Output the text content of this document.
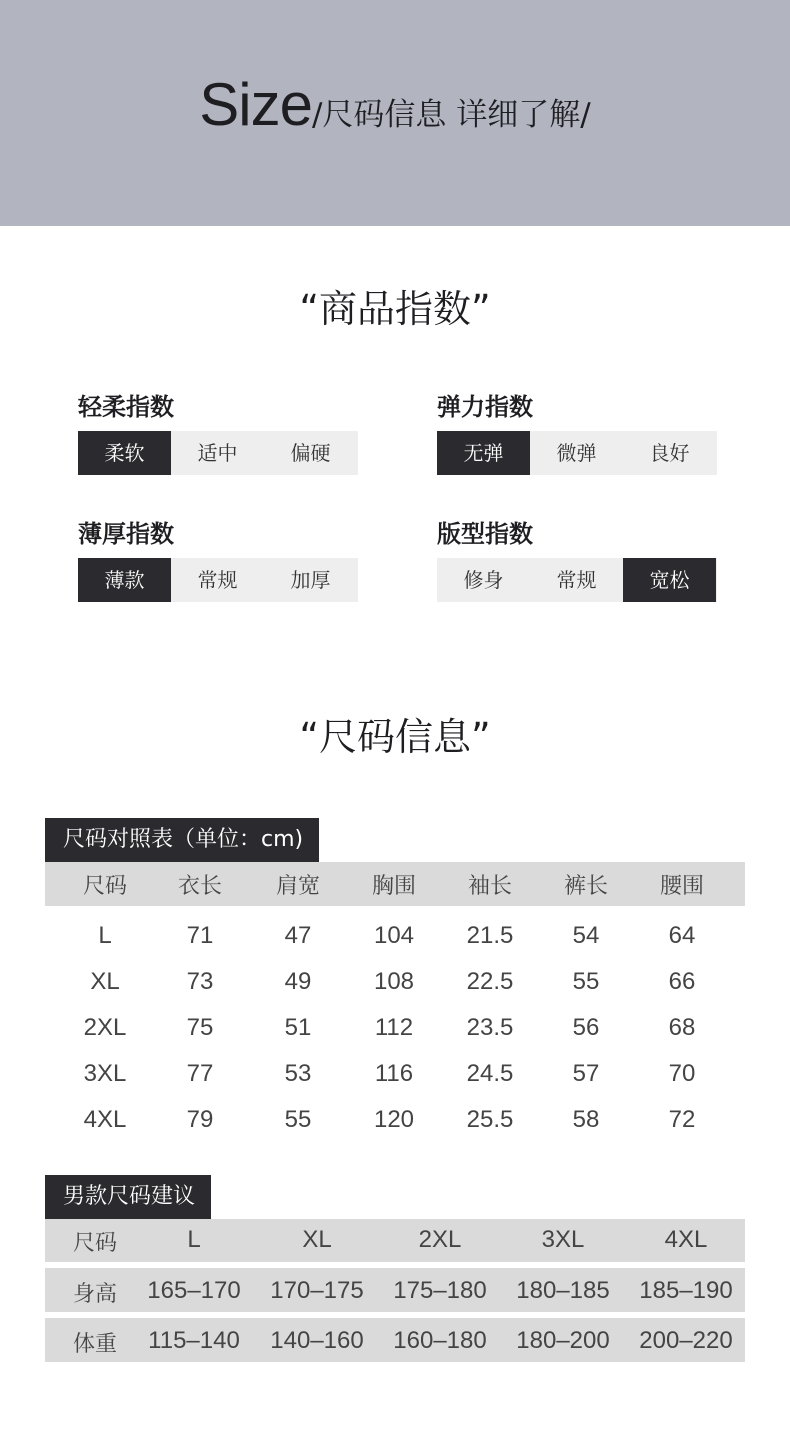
Size/尺码信息 详细了解/
“商品指数”
轻柔指数
柔软	适中	偏硬
弹力指数
无弹	微弹	良好
薄厚指数
薄款	常规	加厚
版型指数
修身	常规	宽松
“尺码信息”
尺码对照表（单位：cm)
尺码	衣长	肩宽	胸围	袖长	裤长	腰围
L	71	47	104	21.5	54	64
XL	73	49	108	22.5	55	66
2XL	75	51	112	23.5	56	68
3XL	77	53	116	24.5	57	70
4XL	79	55	120	25.5	58	72
男款尺码建议
尺码	L	XL	2XL	3XL	4XL
身高	165–170 170–175 175–180 180–185 185–190
体重	115–140 140–160 160–180 180–200 200–220
